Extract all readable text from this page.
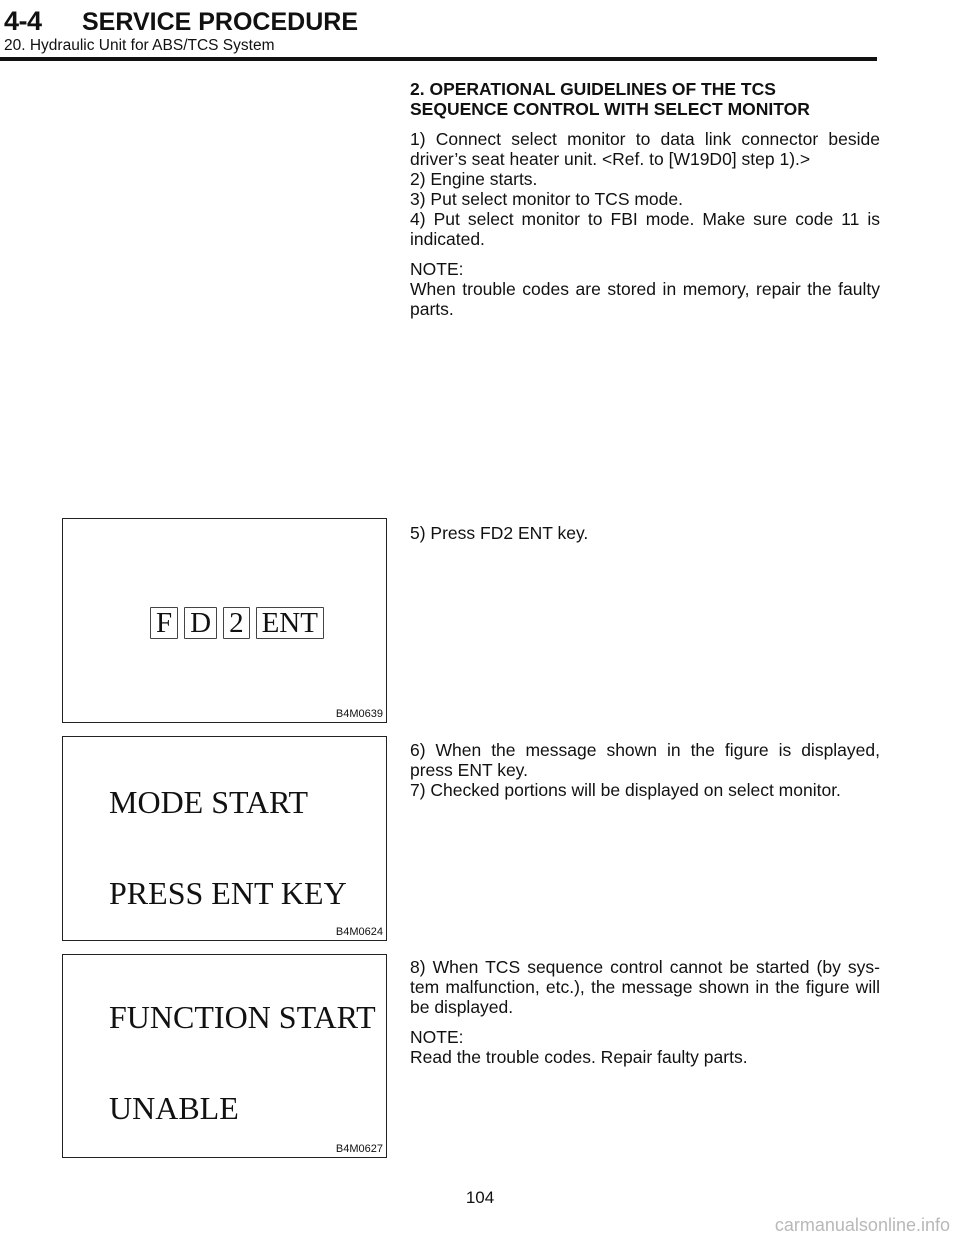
4-4 SERVICE PROCEDURE
20. Hydraulic Unit for ABS/TCS System

2. OPERATIONAL GUIDELINES OF THE TCS

SEQUENCE CONTROL WITH SELECT MONITOR

1) Connect select monitor to data link connector beside driver’s seat heater unit. <Ref. to [W19D0] step 1).>

2) Engine starts.

3) Put select monitor to TCS mode.

4) Put select monitor to FBI mode. Make sure code 11 is indicated.

NOTE:

When trouble codes are stored in memory, repair the faulty parts.

F D 2 ENT
B4M0639

5) Press FD2 ENT key.

MODE START
PRESS ENT KEY
B4M0624

6) When the message shown in the figure is displayed, press ENT key.

7) Checked portions will be displayed on select monitor.

FUNCTION START
UNABLE
B4M0627

8) When TCS sequence control cannot be started (by sys- tem malfunction, etc.), the message shown in the figure will be displayed.

NOTE:

Read the trouble codes. Repair faulty parts.

104
carmanualsonline.info
